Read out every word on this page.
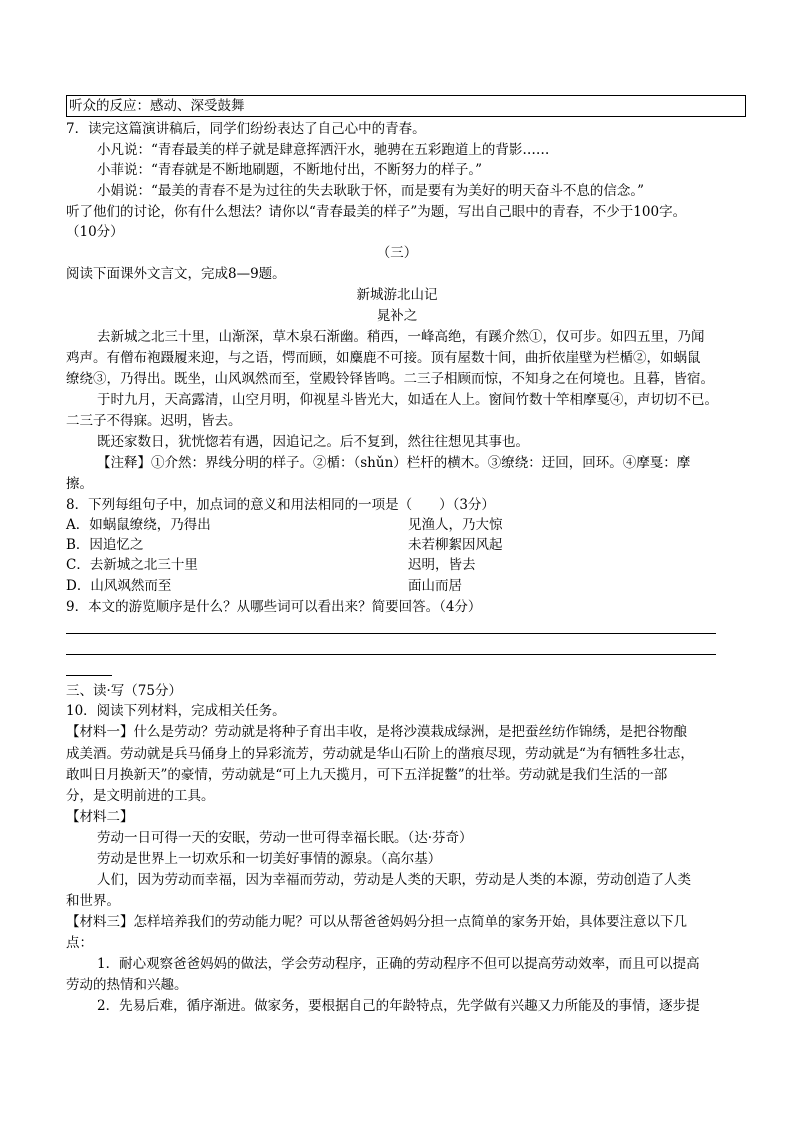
听众的反应：感动、深受鼓舞
7．读完这篇演讲稿后，同学们纷纷表达了自己心中的青春。
小凡说：“青春最美的样子就是肆意挥洒汗水，驰骋在五彩跑道上的背影……
小菲说：“青春就是不断地刷题，不断地付出，不断努力的样子。”
小娟说：“最美的青春不是为过往的失去耿耿于怀，而是要有为美好的明天奋斗不息的信念。”
听了他们的讨论，你有什么想法？请你以“青春最美的样子”为题，写出自己眼中的青春，不少于100字。
（10分）
（三）
阅读下面课外文言文，完成8—9题。
新城游北山记
晁补之
去新城之北三十里，山渐深，草木泉石渐幽。稍西，一峰高绝，有蹊介然①，仅可步。如四五里，乃闻
鸡声。有僧布袍蹑履来迎，与之语，愕而顾，如麋鹿不可接。顶有屋数十间，曲折依崖壁为栏楯②，如蜗鼠
缭绕③，乃得出。既坐，山风飒然而至，堂殿铃铎皆鸣。二三子相顾而惊，不知身之在何境也。且暮，皆宿。
于时九月，天高露清，山空月明，仰视星斗皆光大，如适在人上。窗间竹数十竿相摩戛④，声切切不已。
二三子不得寐。迟明，皆去。
既还家数日，犹恍惚若有遇，因追记之。后不复到，然往往想见其事也。
【注释】①介然：界线分明的样子。②楯：（shǔn）栏杆的横木。③缭绕：迂回，回环。④摩戛：摩
擦。
8．下列每组句子中，加点词的意义和用法相同的一项是（　　）（3分）
A．如蜗鼠缭绕，乃得出	见渔人，乃大惊
B．因追忆之	未若柳絮因风起
C．去新城之北三十里	迟明，皆去
D．山风飒然而至	面山而居
9．本文的游览顺序是什么？从哪些词可以看出来？简要回答。（4分）
三、读·写（75分）
10．阅读下列材料，完成相关任务。
【材料一】什么是劳动？劳动就是将种子育出丰收，是将沙漠栽成绿洲，是把蚕丝纺作锦绣，是把谷物酿
成美酒。劳动就是兵马俑身上的异彩流芳，劳动就是华山石阶上的凿痕尽现，劳动就是“为有牺牲多壮志，
敢叫日月换新天”的豪情，劳动就是“可上九天揽月，可下五洋捉鳖”的壮举。劳动就是我们生活的一部
分，是文明前进的工具。
【材料二】
劳动一日可得一天的安眠，劳动一世可得幸福长眠。（达·芬奇）
劳动是世界上一切欢乐和一切美好事情的源泉。（高尔基）
人们，因为劳动而幸福，因为幸福而劳动，劳动是人类的天职，劳动是人类的本源，劳动创造了人类
和世界。
【材料三】怎样培养我们的劳动能力呢？可以从帮爸爸妈妈分担一点简单的家务开始，具体要注意以下几
点：
1．耐心观察爸爸妈妈的做法，学会劳动程序，正确的劳动程序不但可以提高劳动效率，而且可以提高
劳动的热情和兴趣。
2．先易后难，循序渐进。做家务，要根据自己的年龄特点，先学做有兴趣又力所能及的事情，逐步提
